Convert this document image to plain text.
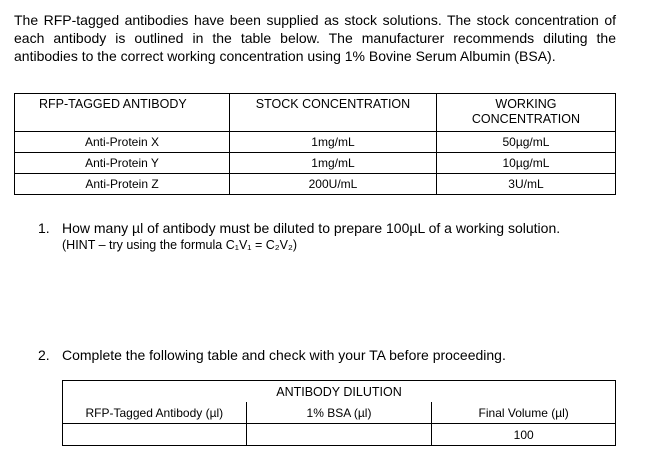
The RFP-tagged antibodies have been supplied as stock solutions. The stock concentration of each antibody is outlined in the table below. The manufacturer recommends diluting the antibodies to the correct working concentration using 1% Bovine Serum Albumin (BSA).

RFP-TAGGED ANTIBODY	STOCK CONCENTRATION	WORKING CONCENTRATION
Anti-Protein X	1mg/mL	50µg/mL
Anti-Protein Y	1mg/mL	10µg/mL
Anti-Protein Z	200U/mL	3U/mL
1. How many µl of antibody must be diluted to prepare 100µL of a working solution.
(HINT – try using the formula C₁V₁ = C₂V₂)
2. Complete the following table and check with your TA before proceeding.
	ANTIBODY DILUTION	
RFP-Tagged Antibody (µl)	1% BSA (µl)	Final Volume (µl)
		100
